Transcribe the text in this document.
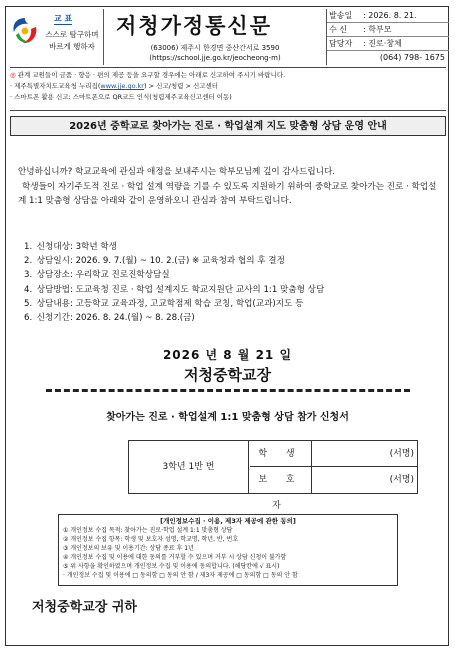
교 표
스스로 탐구하며
바르게 행하자
저청가정통신문
(63006) 제주시 한경면 중산간서로 3590
(https://school.jje.go.kr/jeocheong-m)
발송일 : 2026. 8. 21.
수 신 : 학부모
담당자 : 진로·창체
(064) 798- 1675
◎ 관계 교원들이 금품 · 향응 · 편의 제공 등을 요구할 경우에는 아래로 신고하여 주시기 바랍니다.
· 제주특별자치도교육청 누리집(www.jje.go.kr) > 신고/청렴 > 신고센터
· 스마트폰 활용 신고: 스마트폰으로 QR코드 인식(청렴제주교육신고센터 이동)
2026년 중학교로 찾아가는 진로 · 학업설계 지도 맞춤형 상담 운영 안내
안녕하십니까? 학교교육에 관심과 애정을 보내주시는 학부모님께 깊이 감사드립니다.
학생들이 자기주도적 진로 · 학업 설계 역량을 기를 수 있도록 지원하기 위하여 중학교로 찾아가는 진로 · 학업설계 1:1 맞춤형 상담을 아래와 같이 운영하오니 관심과 참여 부탁드립니다.
1. 신청대상: 3학년 학생
2. 상담일시: 2026. 9. 7.(월) ~ 10. 2.(금) ※ 교육청과 협의 후 결정
3. 상담장소: 우리학교 진로진학상담실
4. 상담방법: 도교육청 진로 · 학업 설계지도 학교지원단 교사의 1:1 맞춤형 상담
5. 상담내용: 고등학교 교육과정, 고교학점제 학습 코칭, 학업(교과)지도 등
6. 신청기간: 2026. 8. 24.(월) ~ 8. 28.(금)
2026 년 8 월 21 일
저청중학교장
찾아가는 진로 · 학업설계 1:1 맞춤형 상담 참가 신청서
3학년 1반 번
학 생	(서명)
보 호 자
(서명)
[개인정보수집 · 이용, 제3자 제공에 관한 동의]
① 개인정보 수집 목적: 찾아가는 진로·학업 설계 1:1 맞춤형 상담
② 개인정보 수집 항목: 학생 및 보호자 성명, 학교명, 학년, 반, 번호
③ 개인정보의 보유 및 이용기간: 상담 종료 후 1년
④ 개인정보 수집 및 이용에 대한 동의를 거부할 수 있으며 거부 시 상담 신청이 불가함
⑤ 위 사항을 확인하였으며 개인정보 수집 및 이용에 동의합니다. (해당칸에 √ 표시)
· 개인정보 수집 및 이용에 □ 동의함 □ 동의 안 함 / 제3자 제공에 □ 동의함 □ 동의 안 함
저청중학교장 귀하
